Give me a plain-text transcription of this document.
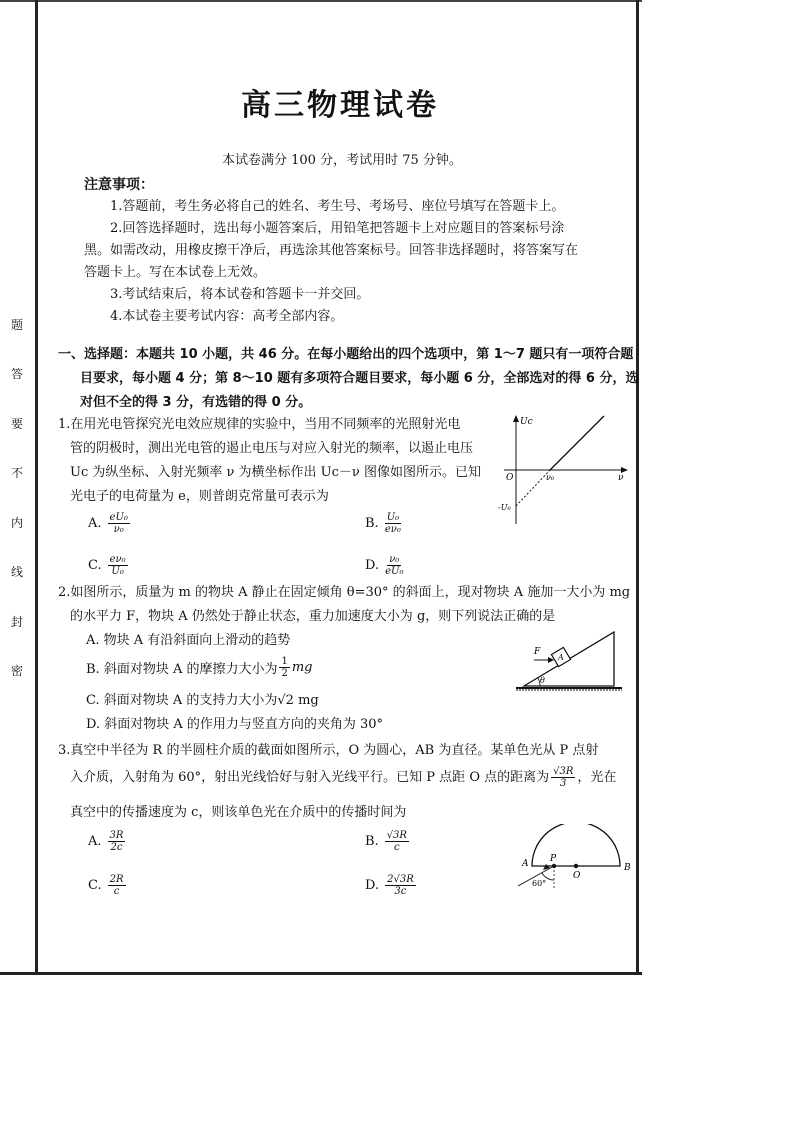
题
答
要
不
内
线
封
密
高三物理试卷
本试卷满分 100 分，考试用时 75 分钟。
注意事项：
1.答题前，考生务必将自己的姓名、考生号、考场号、座位号填写在答题卡上。
2.回答选择题时，选出每小题答案后，用铅笔把答题卡上对应题目的答案标号涂
黑。如需改动，用橡皮擦干净后，再选涂其他答案标号。回答非选择题时，将答案写在
答题卡上。写在本试卷上无效。
3.考试结束后，将本试卷和答题卡一并交回。
4.本试卷主要考试内容：高考全部内容。
一、选择题：本题共 10 小题，共 46 分。在每小题给出的四个选项中，第 1～7 题只有一项符合题
目要求，每小题 4 分；第 8～10 题有多项符合题目要求，每小题 6 分，全部选对的得 6 分，选
对但不全的得 3 分，有选错的得 0 分。
1.在用光电管探究光电效应规律的实验中，当用不同频率的光照射光电
管的阴极时，测出光电管的遏止电压与对应入射光的频率，以遏止电压
Uc 为纵坐标、入射光频率 ν 为横坐标作出 Uc－ν 图像如图所示。已知
光电子的电荷量为 e，则普朗克常量可表示为
A. $\frac{\text{eU₀}}{\text{ν₀}}$	B. $\frac{\text{U₀}}{\text{eν₀}}$
C. $\frac{\text{eν₀}}{\text{U₀}}$	D. $\frac{\text{ν₀}}{\text{eU₀}}$
Uc
O	ν₀	ν
-U₀
2.如图所示，质量为 m 的物块 A 静止在固定倾角 θ=30° 的斜面上，现对物块 A 施加一大小为 mg
的水平力 F，物块 A 仍然处于静止状态，重力加速度大小为 g，则下列说法正确的是
A. 物块 A 有沿斜面向上滑动的趋势
B. 斜面对物块 A 的摩擦力大小为 $\frac{1}{2}$ mg
C. 斜面对物块 A 的支持力大小为√2 mg
D. 斜面对物块 A 的作用力与竖直方向的夹角为 30°
F
A
θ
3.真空中半径为 R 的半圆柱介质的截面如图所示，O 为圆心，AB 为直径。某单色光从 P 点射
入介质，入射角为 60°，射出光线恰好与射入光线平行。已知 P 点距 O 点的距离为 $\frac{√3R}{3}$ ，光在
真空中的传播速度为 c，则该单色光在介质中的传播时间为
A. $\frac{3R}{2c}$	B. $\frac{√3R}{c}$
C. $\frac{2R}{c}$	D. $\frac{2√3R}{3c}$
A P
O
B
60°
